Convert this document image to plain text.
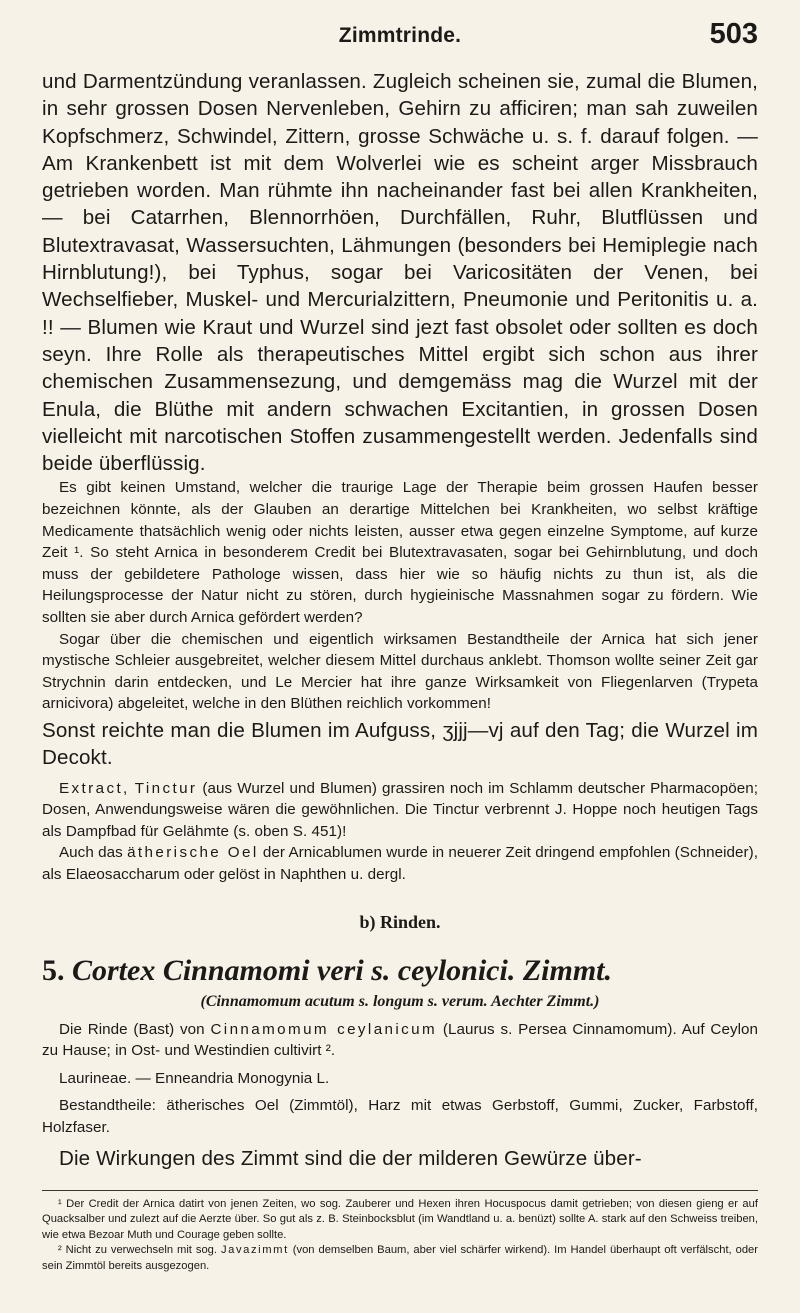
Zimmtrinde.	503

und Darmentzündung veranlassen. Zugleich scheinen sie, zumal die Blumen, in sehr grossen Dosen Nervenleben, Gehirn zu afficiren; man sah zuweilen Kopfschmerz, Schwindel, Zittern, grosse Schwäche u. s. f. darauf folgen. — Am Krankenbett ist mit dem Wolverlei wie es scheint arger Missbrauch getrieben worden. Man rühmte ihn nacheinander fast bei allen Krankheiten, — bei Catarrhen, Blennorrhöen, Durchfällen, Ruhr, Blutflüssen und Blutextravasat, Wassersuchten, Lähmungen (besonders bei Hemiplegie nach Hirnblutung!), bei Typhus, sogar bei Varicositäten der Venen, bei Wechselfieber, Muskel- und Mercurialzittern, Pneumonie und Peritonitis u. a. !! — Blumen wie Kraut und Wurzel sind jezt fast obsolet oder sollten es doch seyn. Ihre Rolle als therapeutisches Mittel ergibt sich schon aus ihrer chemischen Zusammensezung, und demgemäss mag die Wurzel mit der Enula, die Blüthe mit andern schwachen Excitantien, in grossen Dosen vielleicht mit narcotischen Stoffen zusammengestellt werden. Jedenfalls sind beide überflüssig.

Es gibt keinen Umstand, welcher die traurige Lage der Therapie beim grossen Haufen besser bezeichnen könnte, als der Glauben an derartige Mittelchen bei Krankheiten, wo selbst kräftige Medicamente thatsächlich wenig oder nichts leisten, ausser etwa gegen einzelne Symptome, auf kurze Zeit ¹. So steht Arnica in besonderem Credit bei Blutextravasaten, sogar bei Gehirnblutung, und doch muss der gebildetere Pathologe wissen, dass hier wie so häufig nichts zu thun ist, als die Heilungsprocesse der Natur nicht zu stören, durch hygieinische Massnahmen sogar zu fördern. Wie sollten sie aber durch Arnica gefördert werden?

Sogar über die chemischen und eigentlich wirksamen Bestandtheile der Arnica hat sich jener mystische Schleier ausgebreitet, welcher diesem Mittel durchaus anklebt. Thomson wollte seiner Zeit gar Strychnin darin entdecken, und Le Mercier hat ihre ganze Wirksamkeit von Fliegenlarven (Trypeta arnicivora) abgeleitet, welche in den Blüthen reichlich vorkommen!

Sonst reichte man die Blumen im Aufguss, ʒjjj—vj auf den Tag; die Wurzel im Decokt.

Extract, Tinctur (aus Wurzel und Blumen) grassiren noch im Schlamm deutscher Pharmacopöen; Dosen, Anwendungsweise wären die gewöhnlichen. Die Tinctur verbrennt J. Hoppe noch heutigen Tags als Dampfbad für Gelähmte (s. oben S. 451)!

Auch das ätherische Oel der Arnicablumen wurde in neuerer Zeit dringend empfohlen (Schneider), als Elaeosaccharum oder gelöst in Naphthen u. dergl.

b) Rinden.
5. Cortex Cinnamomi veri s. ceylonici. Zimmt.
(Cinnamomum acutum s. longum s. verum. Aechter Zimmt.)

Die Rinde (Bast) von Cinnamomum ceylanicum (Laurus s. Persea Cinnamomum). Auf Ceylon zu Hause; in Ost- und Westindien cultivirt ².

Laurineae. — Enneandria Monogynia L.

Bestandtheile: ätherisches Oel (Zimmtöl), Harz mit etwas Gerbstoff, Gummi, Zucker, Farbstoff, Holzfaser.

Die Wirkungen des Zimmt sind die der milderen Gewürze über-

¹ Der Credit der Arnica datirt von jenen Zeiten, wo sog. Zauberer und Hexen ihren Hocuspocus damit getrieben; von diesen gieng er auf Quacksalber und zulezt auf die Aerzte über. So gut als z. B. Steinbocksblut (im Wandtland u. a. benüzt) sollte A. stark auf den Schweiss treiben, wie etwa Bezoar Muth und Courage geben sollte.

² Nicht zu verwechseln mit sog. Javazimmt (von demselben Baum, aber viel schärfer wirkend). Im Handel überhaupt oft verfälscht, oder sein Zimmtöl bereits ausgezogen.
